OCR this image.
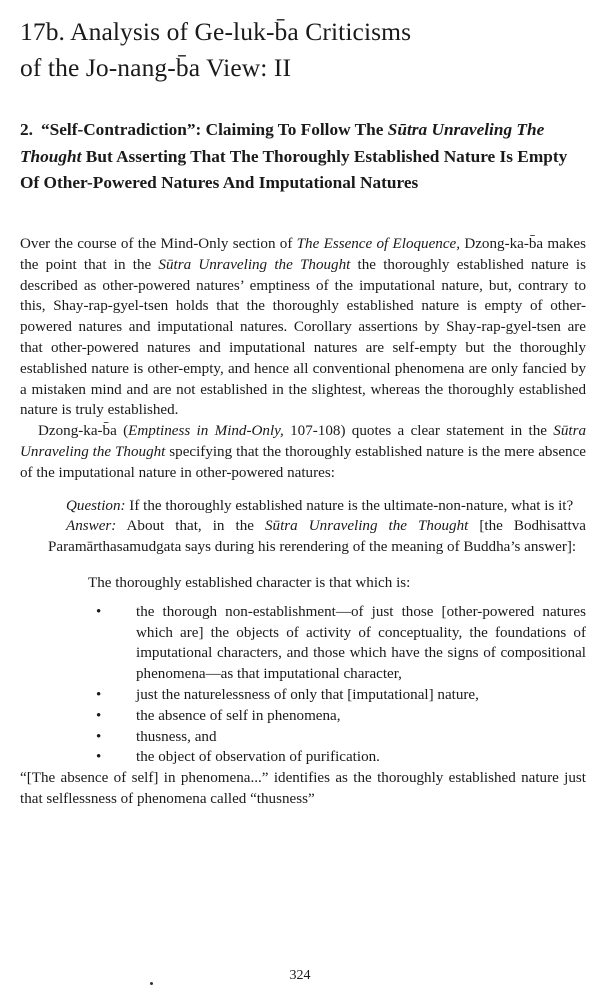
17b. Analysis of Ge-luk-b̄a Criticisms
of the Jo-nang-b̄a View: II
2. “Self-Contradiction”: Claiming To Follow The Sūtra Unraveling The Thought But Asserting That The Thoroughly Established Nature Is Empty Of Other-Powered Natures And Imputational Natures

Over the course of the Mind-Only section of The Essence of Eloquence, Dzong-ka-b̄a makes the point that in the Sūtra Unraveling the Thought the thoroughly established nature is described as other-powered natures’ emptiness of the imputational nature, but, contrary to this, Shay-rap-gyel-tsen holds that the thoroughly established nature is empty of other-powered natures and imputational natures. Corollary assertions by Shay-rap-gyel-tsen are that other-powered natures and imputational natures are self-empty but the thoroughly established nature is other-empty, and hence all conventional phenomena are only fancied by a mistaken mind and are not established in the slightest, whereas the thoroughly established nature is truly established.

Dzong-ka-b̄a (Emptiness in Mind-Only, 107-108) quotes a clear statement in the Sūtra Unraveling the Thought specifying that the thoroughly established nature is the mere absence of the imputational nature in other-powered natures:

Question: If the thoroughly established nature is the ultimate-non-nature, what is it?

Answer: About that, in the Sūtra Unraveling the Thought [the Bodhisattva Paramārthasamudgata says during his rerendering of the meaning of Buddha’s answer]:

The thoroughly established character is that which is:

• the thorough non-establishment—of just those [other-powered natures which are] the objects of activity of conceptuality, the foundations of imputational characters, and those which have the signs of compositional phenomena—as that imputational character,
• just the naturelessness of only that [imputational] nature,
• the absence of self in phenomena,
• thusness, and
• the object of observation of purification.

“[The absence of self] in phenomena...” identifies as the thoroughly established nature just that selflessness of phenomena called “thusness”

324
